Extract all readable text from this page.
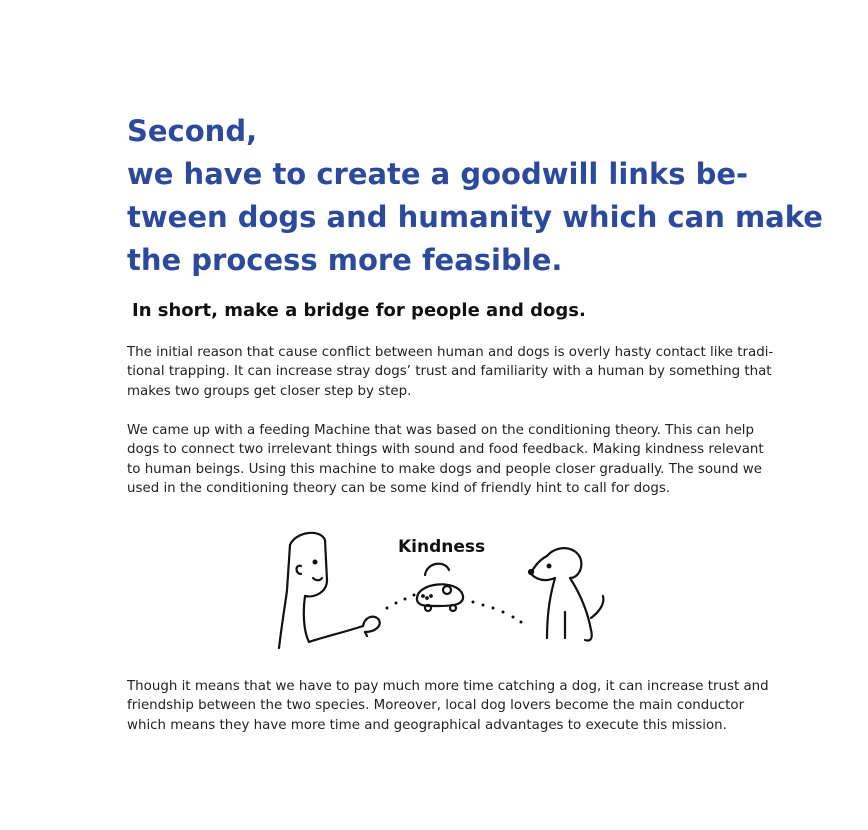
Second,
we have to create a goodwill links be-
tween dogs and humanity which can make
the process more feasible.
In short, make a bridge for people and dogs.

The initial reason that cause conflict between human and dogs is overly hasty contact like tradi-
tional trapping. It can increase stray dogs’ trust and familiarity with a human by something that
makes two groups get closer step by step.

We came up with a feeding Machine that was based on the conditioning theory. This can help
dogs to connect two irrelevant things with sound and food feedback. Making kindness relevant
to human beings. Using this machine to make dogs and people closer gradually. The sound we
used in the conditioning theory can be some kind of friendly hint to call for dogs.

Kindness

Though it means that we have to pay much more time catching a dog, it can increase trust and
friendship between the two species. Moreover, local dog lovers become the main conductor
which means they have more time and geographical advantages to execute this mission.
